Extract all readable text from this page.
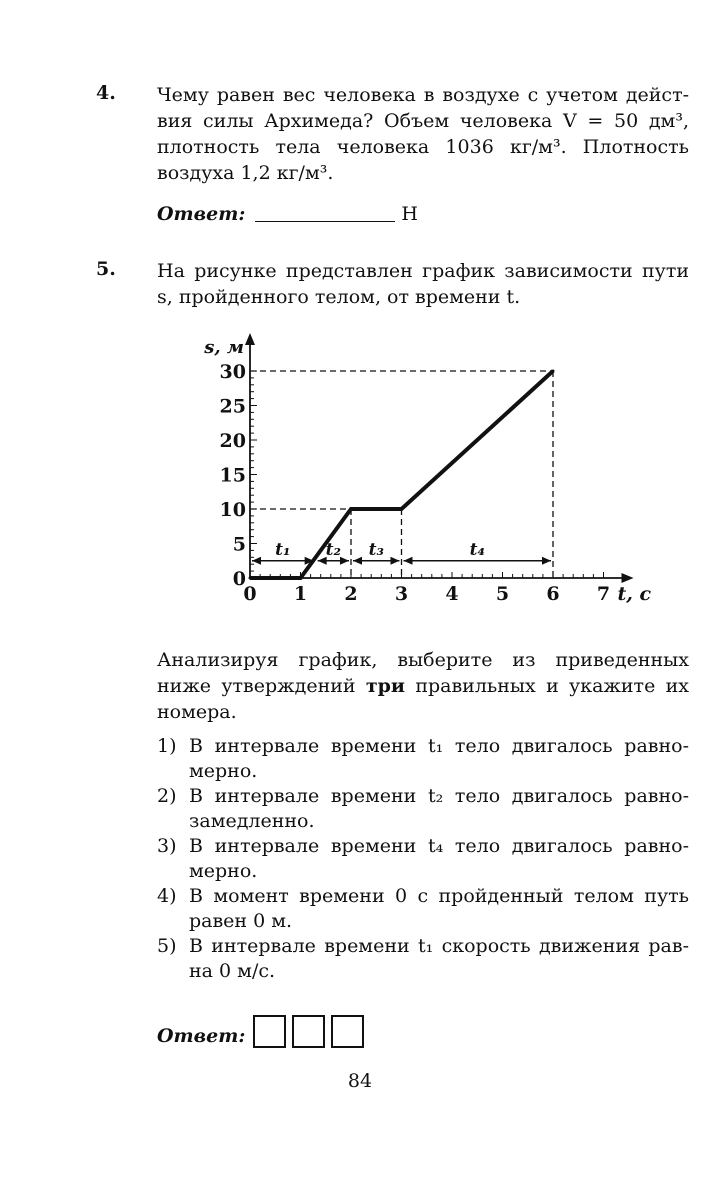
4. Чему равен вес человека в воздухе с учетом дейст-
вия силы Архимеда? Объем человека V = 50 дм³,
плотность тела человека 1036 кг/м³. Плотность
воздуха 1,2 кг/м³.
Ответ:	Н
5. На рисунке представлен график зависимости пути
s, пройденного телом, от времени t.
t₁ t₂ t₃	t₄
0 1 2 3 4 5 6 7
0
5
10
15
20
25
30
t, с
s, м
Анализируя график, выберите из приведенных
ниже утверждений три правильных и укажите их
номера.
1) В интервале времени t₁ тело двигалось равно-
мерно.
2) В интервале времени t₂ тело двигалось равно-
замедленно.
3) В интервале времени t₄ тело двигалось равно-
мерно.
4) В момент времени 0 с пройденный телом путь
равен 0 м.
5) В интервале времени t₁ скорость движения рав-
на 0 м/с.
Ответ:
84
